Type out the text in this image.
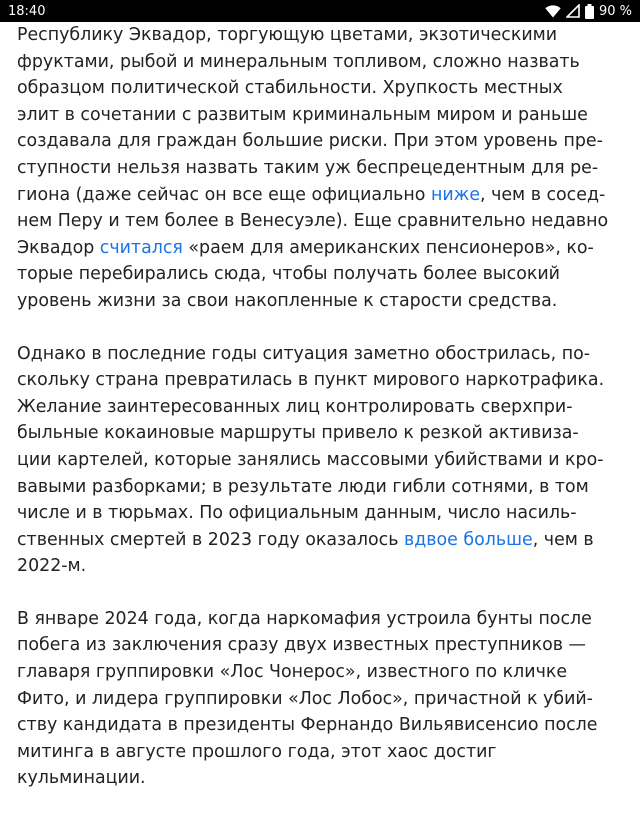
18:40	90 %
Республику Эквадор, торгующую цветами, экзотическими
фруктами, рыбой и минеральным топливом, сложно назвать
образцом политической стабильности. Хрупкость местных
элит в сочетании с развитым криминальным миром и раньше
создавала для граждан большие риски. При этом уровень пре-
ступности нельзя назвать таким уж беспрецедентным для ре-
гиона (даже сейчас он все еще официально ниже, чем в сосед-
нем Перу и тем более в Венесуэле). Еще сравнительно недавно
Эквадор считался «раем для американских пенсионеров», ко-
торые перебирались сюда, чтобы получать более высокий
уровень жизни за свои накопленные к старости средства.
Однако в последние годы ситуация заметно обострилась, по-
скольку страна превратилась в пункт мирового наркотрафика.
Желание заинтересованных лиц контролировать сверхпри-
быльные кокаиновые маршруты привело к резкой активиза-
ции картелей, которые занялись массовыми убийствами и кро-
вавыми разборками; в результате люди гибли сотнями, в том
числе и в тюрьмах. По официальным данным, число насиль-
ственных смертей в 2023 году оказалось вдвое больше, чем в
2022-м.
В январе 2024 года, когда наркомафия устроила бунты после
побега из заключения сразу двух известных преступников —
главаря группировки «Лос Чонерос», известного по кличке
Фито, и лидера группировки «Лос Лобос», причастной к убий-
ству кандидата в президенты Фернандо Вильявисенсио после
митинга в августе прошлого года, этот хаос достиг
кульминации.
